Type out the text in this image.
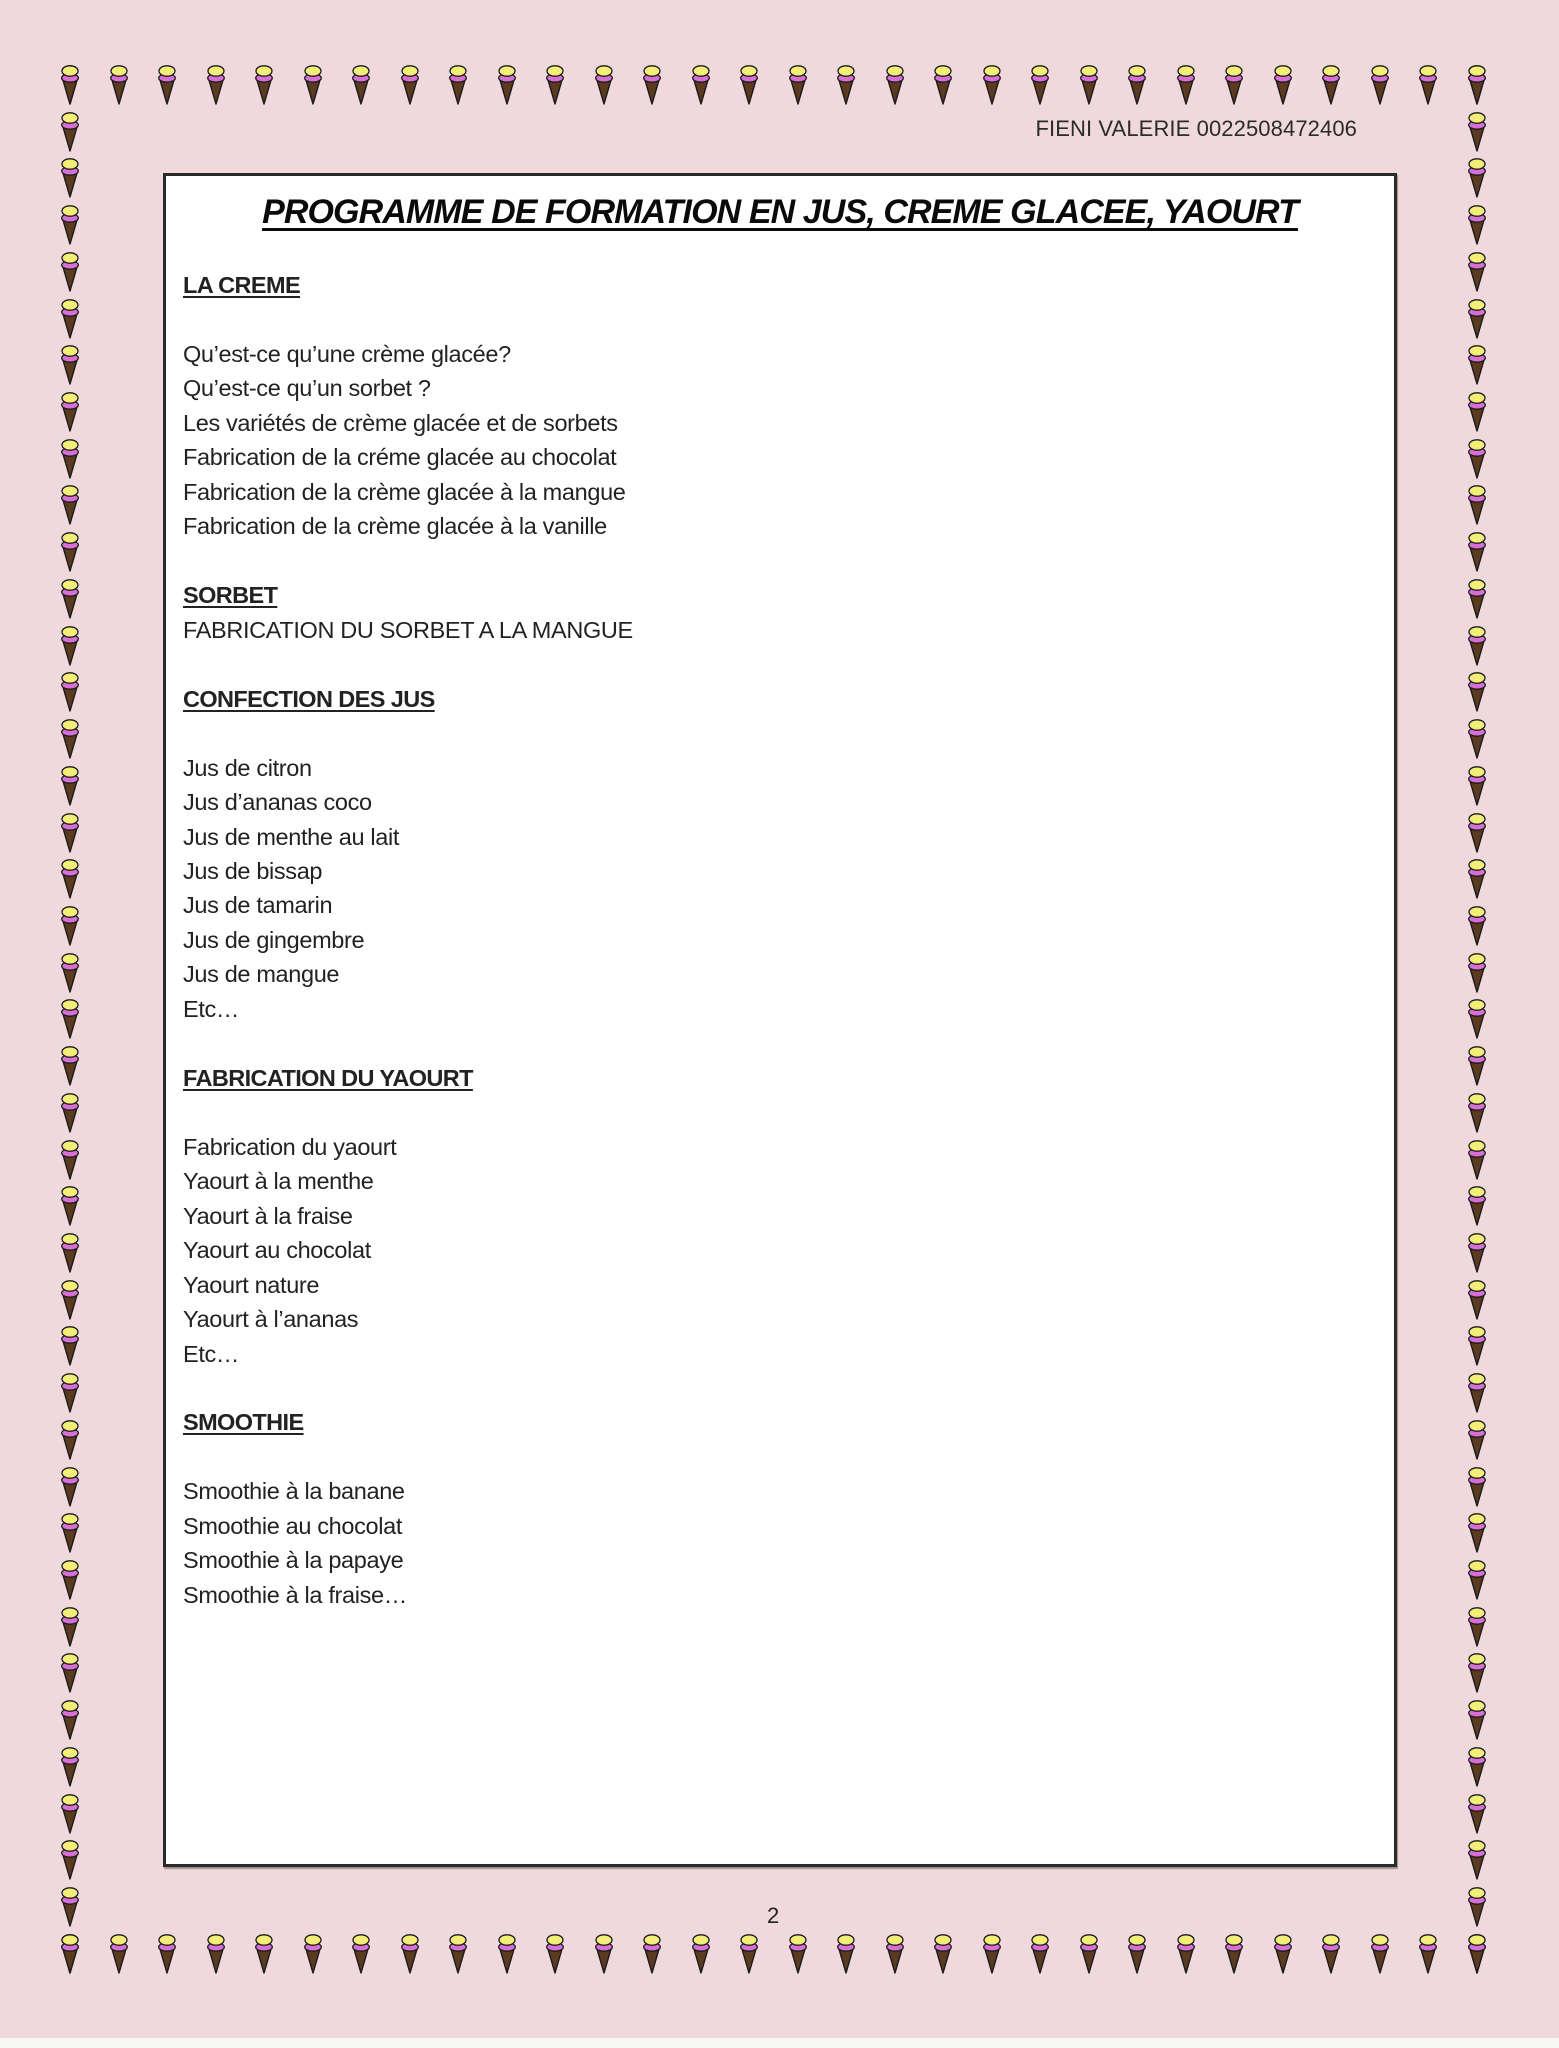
FIENI VALERIE 0022508472406
PROGRAMME DE FORMATION EN JUS, CREME GLACEE, YAOURT
LA CREME
Qu’est-ce qu’une crème glacée?
Qu’est-ce qu’un sorbet ?
Les variétés de crème glacée et de sorbets
Fabrication de la créme glacée au chocolat
Fabrication de la crème glacée à la mangue
Fabrication de la crème glacée à la vanille
SORBET
FABRICATION DU SORBET A LA MANGUE
CONFECTION DES JUS
Jus de citron
Jus d’ananas coco
Jus de menthe au lait
Jus de bissap
Jus de tamarin
Jus de gingembre
Jus de mangue
Etc…
FABRICATION DU YAOURT
Fabrication du yaourt
Yaourt à la menthe
Yaourt à la fraise
Yaourt au chocolat
Yaourt nature
Yaourt à l’ananas
Etc…
SMOOTHIE
Smoothie à la banane
Smoothie au chocolat
Smoothie à la papaye
Smoothie à la fraise…
2
